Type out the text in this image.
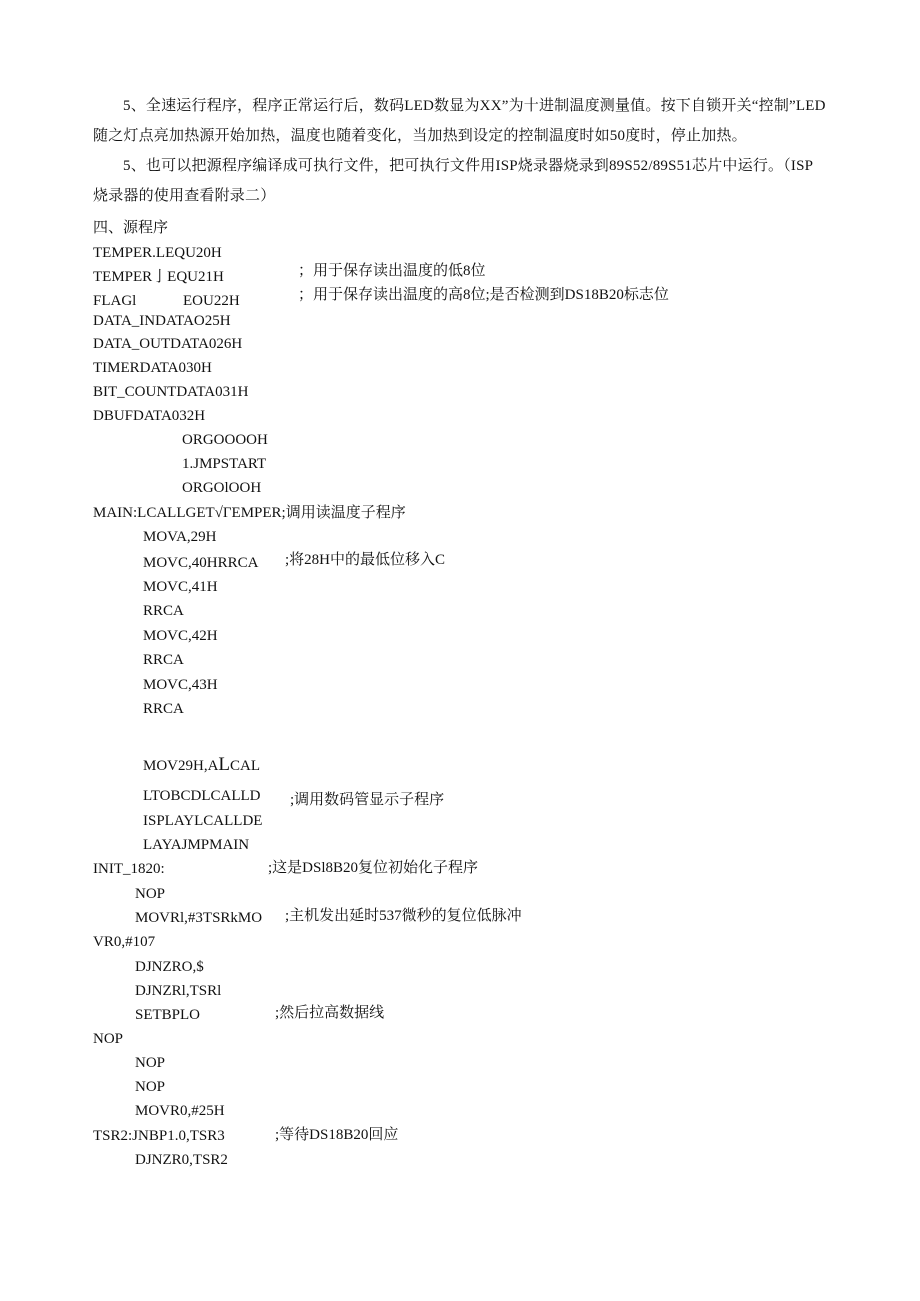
5、全速运行程序，程序正常运行后，数码LED数显为XX”为十进制温度测量值。按下自锁开关“控制”LED随之灯点亮加热源开始加热，温度也随着变化，当加热到设定的控制温度时如50度时，停止加热。
5、也可以把源程序编译成可执行文件，把可执行文件用ISP烧录器烧录到89S52/89S51芯片中运行。（ISP烧录器的使用查看附录二）
四、源程序
TEMPER.LEQU20H
TEMPER亅EQU21H	；用于保存读出温度的低8位
FLAGl	EOU22H	；用于保存读出温度的高8位;是否检测到DS18B20标志位
DATA_INDATAO25H
DATA_OUTDATA026H
TIMERDATA030H
BIT_COUNTDATA031H
DBUFDATA032H
ORGOOOOH
1.JMPSTART
ORGOlOOH
MAIN:LCALLGET√ΓEMPER;调用读温度子程序
MOVA,29H
MOVC,40HRRCA ;将28H中的最低位移入C
MOVC,41H
RRCA
MOVC,42H
RRCA
MOVC,43H
RRCA
MOV29H,ALCAL
LTOBCDLCALLD ;调用数码管显示子程序
ISPLAYLCALLDE
LAYAJMPMAIN
INIT_1820:	;这是DSl8B20复位初始化子程序
NOP
MOVRl,#3TSRkMO ;主机发出延时537微秒的复位低脉冲
VR0,#107
DJNZRO,$
DJNZRl,TSRl
SETBPLO	;然后拉高数据线
NOP
NOP
NOP
MOVR0,#25H
TSR2:JNBP1.0,TSR3	;等待DS18B20回应
DJNZR0,TSR2
